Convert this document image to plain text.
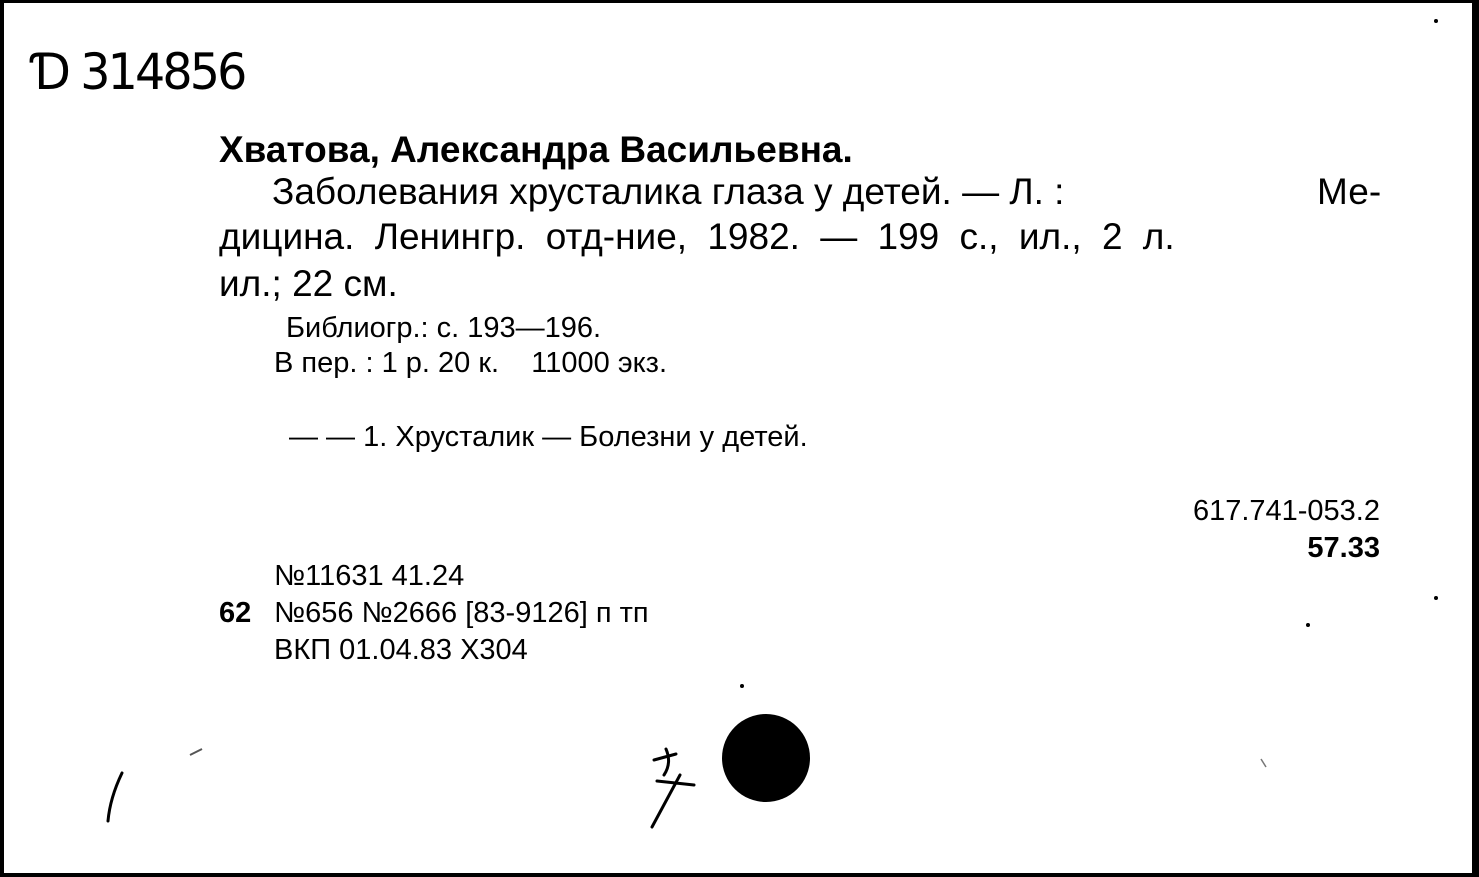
Ɗ 314856
Хватова, Александра Васильевна.
Заболевания хрусталика глаза у детей. — Л. :	Ме-
дицина. Ленингр. отд-ние, 1982. — 199 с., ил., 2 л.
ил.; 22 см.
Библиогр.: с. 193—196.
В пер. : 1 р. 20 к.    11000 экз.
— — 1. Хрусталик — Болезни у детей.
617.741-053.2
57.33
№11631 41.24
62 №656 №2666 [83-9126] п тп
ВКП 01.04.83 Х304
